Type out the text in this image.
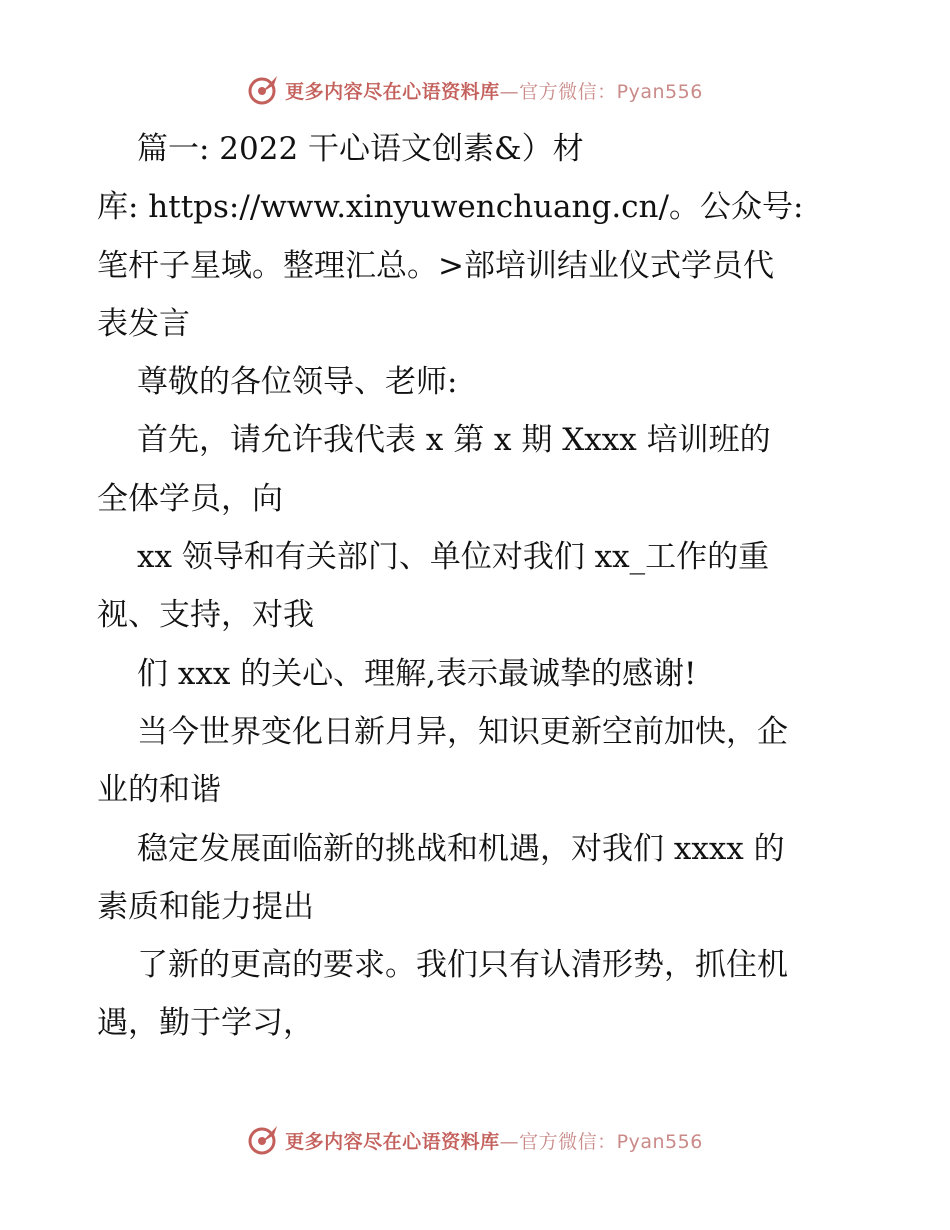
更多内容尽在心语资料库—官方微信：Pyan556

篇一: 2022 干心语文创素&）材

库: https://www.xinyuwenchuang.cn/。公众号:

笔杆子星域。整理汇总。>部培训结业仪式学员代

表发言

尊敬的各位领导、老师:

首先，请允许我代表 x 第 x 期 Xxxx 培训班的

全体学员，向

xx 领导和有关部门、单位对我们 xx_工作的重

视、支持，对我

们 xxx 的关心、理解,表示最诚挚的感谢!

当今世界变化日新月异，知识更新空前加快，企

业的和谐

稳定发展面临新的挑战和机遇，对我们 xxxx 的

素质和能力提出

了新的更高的要求。我们只有认清形势，抓住机

遇，勤于学习，

更多内容尽在心语资料库—官方微信：Pyan556
